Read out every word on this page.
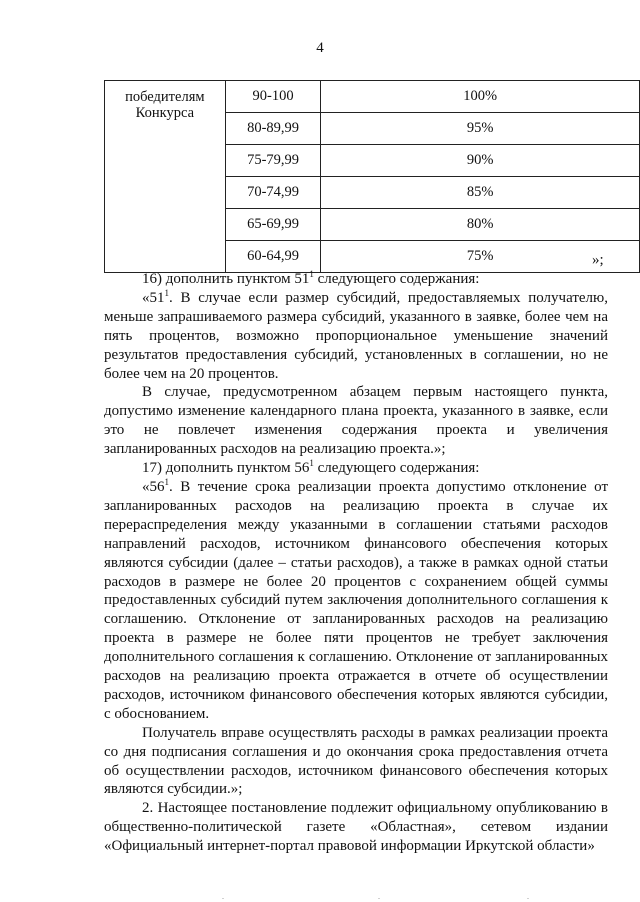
4
победителям
Конкурса	90-100	100%
	80-89,99	95%
	75-79,99	90%
	70-74,99	85%
	65-69,99	80%
	60-64,99	75%	»;

16) дополнить пунктом $51^1$ следующего содержания:

«$51^1$. В случае если размер субсидий, предоставляемых получателю, меньше запрашиваемого размера субсидий, указанного в заявке, более чем на пять процентов, возможно пропорциональное уменьшение значений результатов предоставления субсидий, установленных в соглашении, но не более чем на 20 процентов.

В случае, предусмотренном абзацем первым настоящего пункта, допустимо изменение календарного плана проекта, указанного в заявке, если это не повлечет изменения содержания проекта и увеличения запланированных расходов на реализацию проекта.»;

17) дополнить пунктом $56^1$ следующего содержания:

«$56^1$. В течение срока реализации проекта допустимо отклонение от запланированных расходов на реализацию проекта в случае их перераспределения между указанными в соглашении статьями расходов направлений расходов, источником финансового обеспечения которых являются субсидии (далее – статьи расходов), а также в рамках одной статьи расходов в размере не более 20 процентов с сохранением общей суммы предоставленных субсидий путем заключения дополнительного соглашения к соглашению. Отклонение от запланированных расходов на реализацию проекта в размере не более пяти процентов не требует заключения дополнительного соглашения к соглашению. Отклонение от запланированных расходов на реализацию проекта отражается в отчете об осуществлении расходов, источником финансового обеспечения которых являются субсидии, с обоснованием.

Получатель вправе осуществлять расходы в рамках реализации проекта со дня подписания соглашения и до окончания срока предоставления отчета об осуществлении расходов, источником финансового обеспечения которых являются субсидии.»;

2. Настоящее постановление подлежит официальному опубликованию в общественно-политической газете «Областная», сетевом издании «Официальный интернет-портал правовой информации Иркутской области»

.	.	.
